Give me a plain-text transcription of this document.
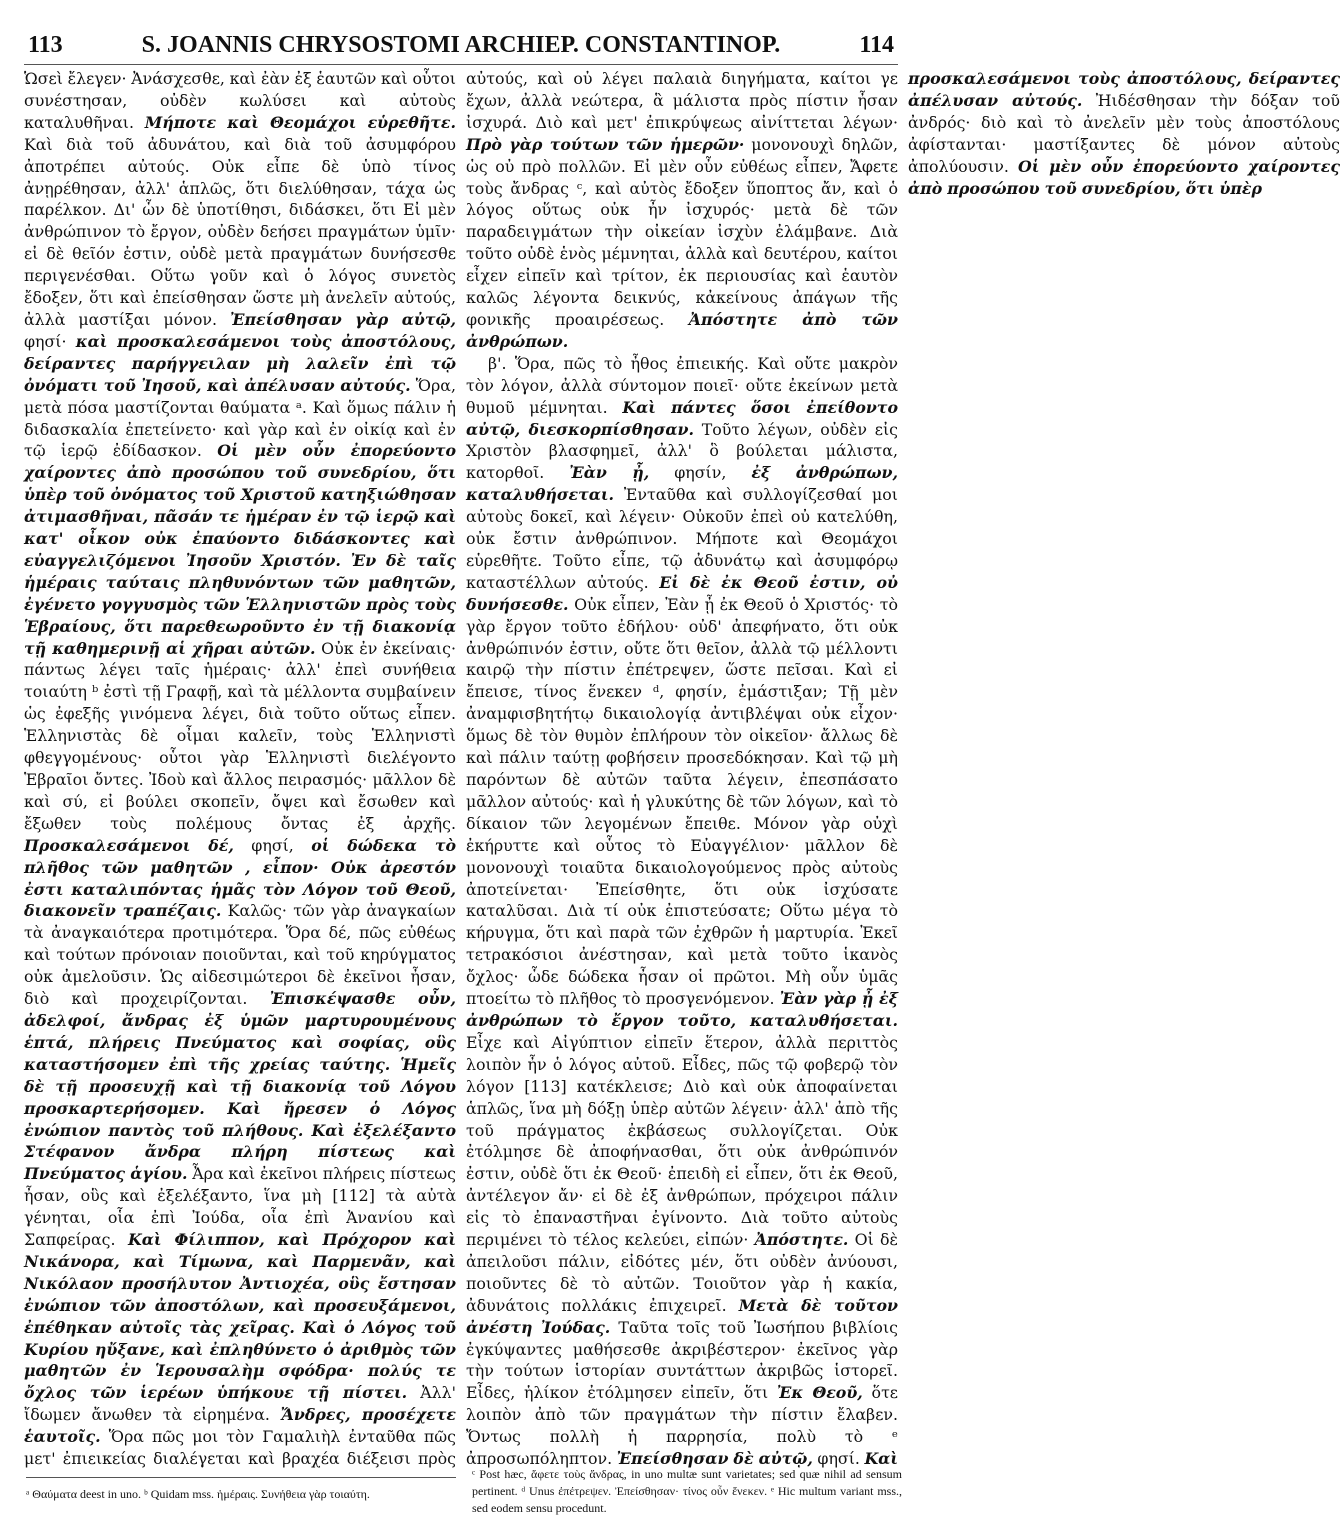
113	S. JOANNIS CHRYSOSTOMI ARCHIEP. CONSTANTINOP.	114

Ὡσεὶ ἔλεγεν· Ἀνάσχεσθε, καὶ ἐὰν ἐξ ἑαυτῶν καὶ οὗτοι συνέστησαν, οὐδὲν κωλύσει καὶ αὐτοὺς καταλυθῆναι. Μήποτε καὶ Θεομάχοι εὑρεθῆτε. Καὶ διὰ τοῦ ἀδυνάτου, καὶ διὰ τοῦ ἀσυμφόρου ἀποτρέπει αὐτούς. Οὐκ εἶπε δὲ ὑπὸ τίνος ἀνῃρέθησαν, ἀλλ' ἁπλῶς, ὅτι διελύθησαν, τάχα ὡς παρέλκον. Δι' ὧν δὲ ὑποτίθησι, διδάσκει, ὅτι Εἰ μὲν ἀνθρώπινον τὸ ἔργον, οὐδὲν δεήσει πραγμάτων ὑμῖν· εἰ δὲ θεῖόν ἐστιν, οὐδὲ μετὰ πραγμάτων δυνήσεσθε περιγενέσθαι. Οὕτω γοῦν καὶ ὁ λόγος συνετὸς ἔδοξεν, ὅτι καὶ ἐπείσθησαν ὥστε μὴ ἀνελεῖν αὐτούς, ἀλλὰ μαστίξαι μόνον. Ἐπείσθησαν γὰρ αὐτῷ, φησί· καὶ προσκαλεσάμενοι τοὺς ἀποστόλους, δείραντες παρήγγειλαν μὴ λαλεῖν ἐπὶ τῷ ὀνόματι τοῦ Ἰησοῦ, καὶ ἀπέλυσαν αὐτούς. Ὅρα, μετὰ πόσα μαστίζονται θαύματα ᵃ. Καὶ ὅμως πάλιν ἡ διδασκαλία ἐπετείνετο· καὶ γὰρ καὶ ἐν οἰκίᾳ καὶ ἐν τῷ ἱερῷ ἐδίδασκον. Οἱ μὲν οὖν ἐπορεύοντο χαίροντες ἀπὸ προσώπου τοῦ συνεδρίου, ὅτι ὑπὲρ τοῦ ὀνόματος τοῦ Χριστοῦ κατηξιώθησαν ἀτιμασθῆναι, πᾶσάν τε ἡμέραν ἐν τῷ ἱερῷ καὶ κατ' οἶκον οὐκ ἐπαύοντο διδάσκοντες καὶ εὐαγγελιζόμενοι Ἰησοῦν Χριστόν. Ἐν δὲ ταῖς ἡμέραις ταύταις πληθυνόντων τῶν μαθητῶν, ἐγένετο γογγυσμὸς τῶν Ἑλληνιστῶν πρὸς τοὺς Ἑβραίους, ὅτι παρεθεωροῦντο ἐν τῇ διακονίᾳ τῇ καθημερινῇ αἱ χῆραι αὐτῶν. Οὐκ ἐν ἐκείναις· πάντως λέγει ταῖς ἡμέραις· ἀλλ' ἐπεὶ συνήθεια τοιαύτη ᵇ ἐστὶ τῇ Γραφῇ, καὶ τὰ μέλλοντα συμβαίνειν ὡς ἐφεξῆς γινόμενα λέγει, διὰ τοῦτο οὕτως εἶπεν. Ἑλληνιστὰς δὲ οἶμαι καλεῖν, τοὺς Ἑλληνιστὶ φθεγγομένους· οὗτοι γὰρ Ἑλληνιστὶ διελέγοντο Ἑβραῖοι ὄντες. Ἰδοὺ καὶ ἄλλος πειρασμός· μᾶλλον δὲ καὶ σύ, εἰ βούλει σκοπεῖν, ὄψει καὶ ἔσωθεν καὶ ἔξωθεν τοὺς πολέμους ὄντας ἐξ ἀρχῆς. Προσκαλεσάμενοι δέ, φησί, οἱ δώδεκα τὸ πλῆθος τῶν μαθητῶν , εἶπον· Οὐκ ἀρεστόν ἐστι καταλιπόντας ἡμᾶς τὸν Λόγον τοῦ Θεοῦ, διακονεῖν τραπέζαις. Καλῶς· τῶν γὰρ ἀναγκαίων τὰ ἀναγκαιότερα προτιμότερα. Ὅρα δέ, πῶς εὐθέως καὶ τούτων πρόνοιαν ποιοῦνται, καὶ τοῦ κηρύγματος οὐκ ἀμελοῦσιν. Ὡς αἰδεσιμώτεροι δὲ ἐκεῖνοι ἦσαν, διὸ καὶ προχειρίζονται. Ἐπισκέψασθε οὖν, ἀδελφοί, ἄνδρας ἐξ ὑμῶν μαρτυρουμένους ἑπτά, πλήρεις Πνεύματος καὶ σοφίας, οὓς καταστήσομεν ἐπὶ τῆς χρείας ταύτης. Ἡμεῖς δὲ τῇ προσευχῇ καὶ τῇ διακονίᾳ τοῦ Λόγου προσκαρτερήσομεν. Καὶ ἤρεσεν ὁ Λόγος ἐνώπιον παντὸς τοῦ πλήθους. Καὶ ἐξελέξαντο Στέφανον ἄνδρα πλήρη πίστεως καὶ Πνεύματος ἁγίου. Ἆρα καὶ ἐκεῖνοι πλήρεις πίστεως ἦσαν, οὓς καὶ ἐξελέξαντο, ἵνα μὴ [112] τὰ αὐτὰ γένηται, οἷα ἐπὶ Ἰούδα, οἷα ἐπὶ Ἀνανίου καὶ Σαπφείρας. Καὶ Φίλιππον, καὶ Πρόχορον καὶ Νικάνορα, καὶ Τίμωνα, καὶ Παρμενᾶν, καὶ Νικόλαον προσήλυτον Ἀντιοχέα, οὓς ἔστησαν ἐνώπιον τῶν ἀποστόλων, καὶ προσευξάμενοι, ἐπέθηκαν αὐτοῖς τὰς χεῖρας. Καὶ ὁ Λόγος τοῦ Κυρίου ηὔξανε, καὶ ἐπληθύνετο ὁ ἀριθμὸς τῶν μαθητῶν ἐν Ἱερουσαλὴμ σφόδρα· πολύς τε ὄχλος τῶν ἱερέων ὑπήκουε τῇ πίστει. Ἀλλ' ἴδωμεν ἄνωθεν τὰ εἰρημένα. Ἄνδρες, προσέχετε ἑαυτοῖς. Ὅρα πῶς μοι τὸν Γαμαλιὴλ ἐνταῦθα πῶς μετ' ἐπιεικείας διαλέγεται καὶ βραχέα διέξεισι πρὸς αὐτούς, καὶ οὐ λέγει παλαιὰ διηγήματα, καίτοι γε ἔχων, ἀλλὰ νεώτερα, ἃ μάλιστα πρὸς πίστιν ἦσαν ἰσχυρά. Διὸ καὶ μετ' ἐπικρύψεως αἰνίττεται λέγων· Πρὸ γὰρ τούτων τῶν ἡμερῶν· μονονουχὶ δηλῶν, ὡς οὐ πρὸ πολλῶν. Εἰ μὲν οὖν εὐθέως εἶπεν, Ἄφετε τοὺς ἄνδρας ᶜ, καὶ αὐτὸς ἔδοξεν ὕποπτος ἄν, καὶ ὁ λόγος οὕτως οὐκ ἦν ἰσχυρός· μετὰ δὲ τῶν παραδειγμάτων τὴν οἰκείαν ἰσχὺν ἐλάμβανε. Διὰ τοῦτο οὐδὲ ἑνὸς μέμνηται, ἀλλὰ καὶ δευτέρου, καίτοι εἶχεν εἰπεῖν καὶ τρίτον, ἐκ περιουσίας καὶ ἑαυτὸν καλῶς λέγοντα δεικνύς, κἀκείνους ἀπάγων τῆς φονικῆς προαιρέσεως. Ἀπόστητε ἀπὸ τῶν ἀνθρώπων.

β'. Ὅρα, πῶς τὸ ἦθος ἐπιεικής. Καὶ οὔτε μακρὸν τὸν λόγον, ἀλλὰ σύντομον ποιεῖ· οὔτε ἐκείνων μετὰ θυμοῦ μέμνηται. Καὶ πάντες ὅσοι ἐπείθοντο αὐτῷ, διεσκορπίσθησαν. Τοῦτο λέγων, οὐδὲν εἰς Χριστὸν βλασφημεῖ, ἀλλ' ὃ βούλεται μάλιστα, κατορθοῖ. Ἐὰν ᾖ, φησίν, ἐξ ἀνθρώπων, καταλυθήσεται. Ἐνταῦθα καὶ συλλογίζεσθαί μοι αὐτοὺς δοκεῖ, καὶ λέγειν· Οὐκοῦν ἐπεὶ οὐ κατελύθη, οὐκ ἔστιν ἀνθρώπινον. Μήποτε καὶ Θεομάχοι εὑρεθῆτε. Τοῦτο εἶπε, τῷ ἀδυνάτῳ καὶ ἀσυμφόρῳ καταστέλλων αὐτούς. Εἰ δὲ ἐκ Θεοῦ ἐστιν, οὐ δυνήσεσθε. Οὐκ εἶπεν, Ἐὰν ᾖ ἐκ Θεοῦ ὁ Χριστός· τὸ γὰρ ἔργον τοῦτο ἐδήλου· οὐδ' ἀπεφήνατο, ὅτι οὐκ ἀνθρώπινόν ἐστιν, οὔτε ὅτι θεῖον, ἀλλὰ τῷ μέλλοντι καιρῷ τὴν πίστιν ἐπέτρεψεν, ὥστε πεῖσαι. Καὶ εἰ ἔπεισε, τίνος ἕνεκεν ᵈ, φησίν, ἐμάστιξαν; Τῇ μὲν ἀναμφισβητήτῳ δικαιολογίᾳ ἀντιβλέψαι οὐκ εἶχον· ὅμως δὲ τὸν θυμὸν ἐπλήρουν τὸν οἰκεῖον· ἄλλως δὲ καὶ πάλιν ταύτῃ φοβήσειν προσεδόκησαν. Καὶ τῷ μὴ παρόντων δὲ αὐτῶν ταῦτα λέγειν, ἐπεσπάσατο μᾶλλον αὐτούς· καὶ ἡ γλυκύτης δὲ τῶν λόγων, καὶ τὸ δίκαιον τῶν λεγομένων ἔπειθε. Μόνον γὰρ οὐχὶ ἐκήρυττε καὶ οὗτος τὸ Εὐαγγέλιον· μᾶλλον δὲ μονονουχὶ τοιαῦτα δικαιολογούμενος πρὸς αὐτοὺς ἀποτείνεται· Ἐπείσθητε, ὅτι οὐκ ἰσχύσατε καταλῦσαι. Διὰ τί οὐκ ἐπιστεύσατε; Οὕτω μέγα τὸ κήρυγμα, ὅτι καὶ παρὰ τῶν ἐχθρῶν ἡ μαρτυρία. Ἐκεῖ τετρακόσιοι ἀνέστησαν, καὶ μετὰ τοῦτο ἱκανὸς ὄχλος· ὧδε δώδεκα ἦσαν οἱ πρῶτοι. Μὴ οὖν ὑμᾶς πτοείτω τὸ πλῆθος τὸ προσγενόμενον. Ἐὰν γὰρ ᾖ ἐξ ἀνθρώπων τὸ ἔργον τοῦτο, καταλυθήσεται. Εἶχε καὶ Αἰγύπτιον εἰπεῖν ἕτερον, ἀλλὰ περιττὸς λοιπὸν ἦν ὁ λόγος αὐτοῦ. Εἶδες, πῶς τῷ φοβερῷ τὸν λόγον [113] κατέκλεισε; Διὸ καὶ οὐκ ἀποφαίνεται ἁπλῶς, ἵνα μὴ δόξῃ ὑπὲρ αὐτῶν λέγειν· ἀλλ' ἀπὸ τῆς τοῦ πράγματος ἐκβάσεως συλλογίζεται. Οὐκ ἐτόλμησε δὲ ἀποφήνασθαι, ὅτι οὐκ ἀνθρώπινόν ἐστιν, οὐδὲ ὅτι ἐκ Θεοῦ· ἐπειδὴ εἰ εἶπεν, ὅτι ἐκ Θεοῦ, ἀντέλεγον ἄν· εἰ δὲ ἐξ ἀνθρώπων, πρόχειροι πάλιν εἰς τὸ ἐπαναστῆναι ἐγίνοντο. Διὰ τοῦτο αὐτοὺς περιμένει τὸ τέλος κελεύει, εἰπών· Ἀπόστητε. Οἱ δὲ ἀπειλοῦσι πάλιν, εἰδότες μέν, ὅτι οὐδὲν ἀνύουσι, ποιοῦντες δὲ τὸ αὐτῶν. Τοιοῦτον γὰρ ἡ κακία, ἀδυνάτοις πολλάκις ἐπιχειρεῖ. Μετὰ δὲ τοῦτον ἀνέστη Ἰούδας. Ταῦτα τοῖς τοῦ Ἰωσήπου βιβλίοις ἐγκύψαντες μαθήσεσθε ἀκριβέστερον· ἐκεῖνος γὰρ τὴν τούτων ἱστορίαν συντάττων ἀκριβῶς ἱστορεῖ. Εἶδες, ἡλίκον ἐτόλμησεν εἰπεῖν, ὅτι Ἐκ Θεοῦ, ὅτε λοιπὸν ἀπὸ τῶν πραγμάτων τὴν πίστιν ἔλαβεν. Ὄντως πολλὴ ἡ παρρησία, πολὺ τὸ ᵉ ἀπροσωπόληπτον. Ἐπείσθησαν δὲ αὐτῷ, φησί. Καὶ προσκαλεσάμενοι τοὺς ἀποστόλους, δείραντες ἀπέλυσαν αὐτούς. Ἠιδέσθησαν τὴν δόξαν τοῦ ἀνδρός· διὸ καὶ τὸ ἀνελεῖν μὲν τοὺς ἀποστόλους ἀφίστανται· μαστίξαντες δὲ μόνον αὐτοὺς ἀπολύουσιν. Οἱ μὲν οὖν ἐπορεύοντο χαίροντες ἀπὸ προσώπου τοῦ συνεδρίου, ὅτι ὑπὲρ

ᵃ Θαύματα deest in uno. ᵇ Quidam mss. ἡμέραις. Συνήθεια γὰρ τοιαύτη.

ᶜ Post hæc, ἄφετε τοὺς ἄνδρας, in uno multæ sunt varietates; sed quæ nihil ad sensum pertinent. ᵈ Unus ἐπέτρεψεν. Ἐπείσθησαν· τίνος οὖν ἕνεκεν. ᵉ Hic multum variant mss., sed eodem sensu procedunt.
